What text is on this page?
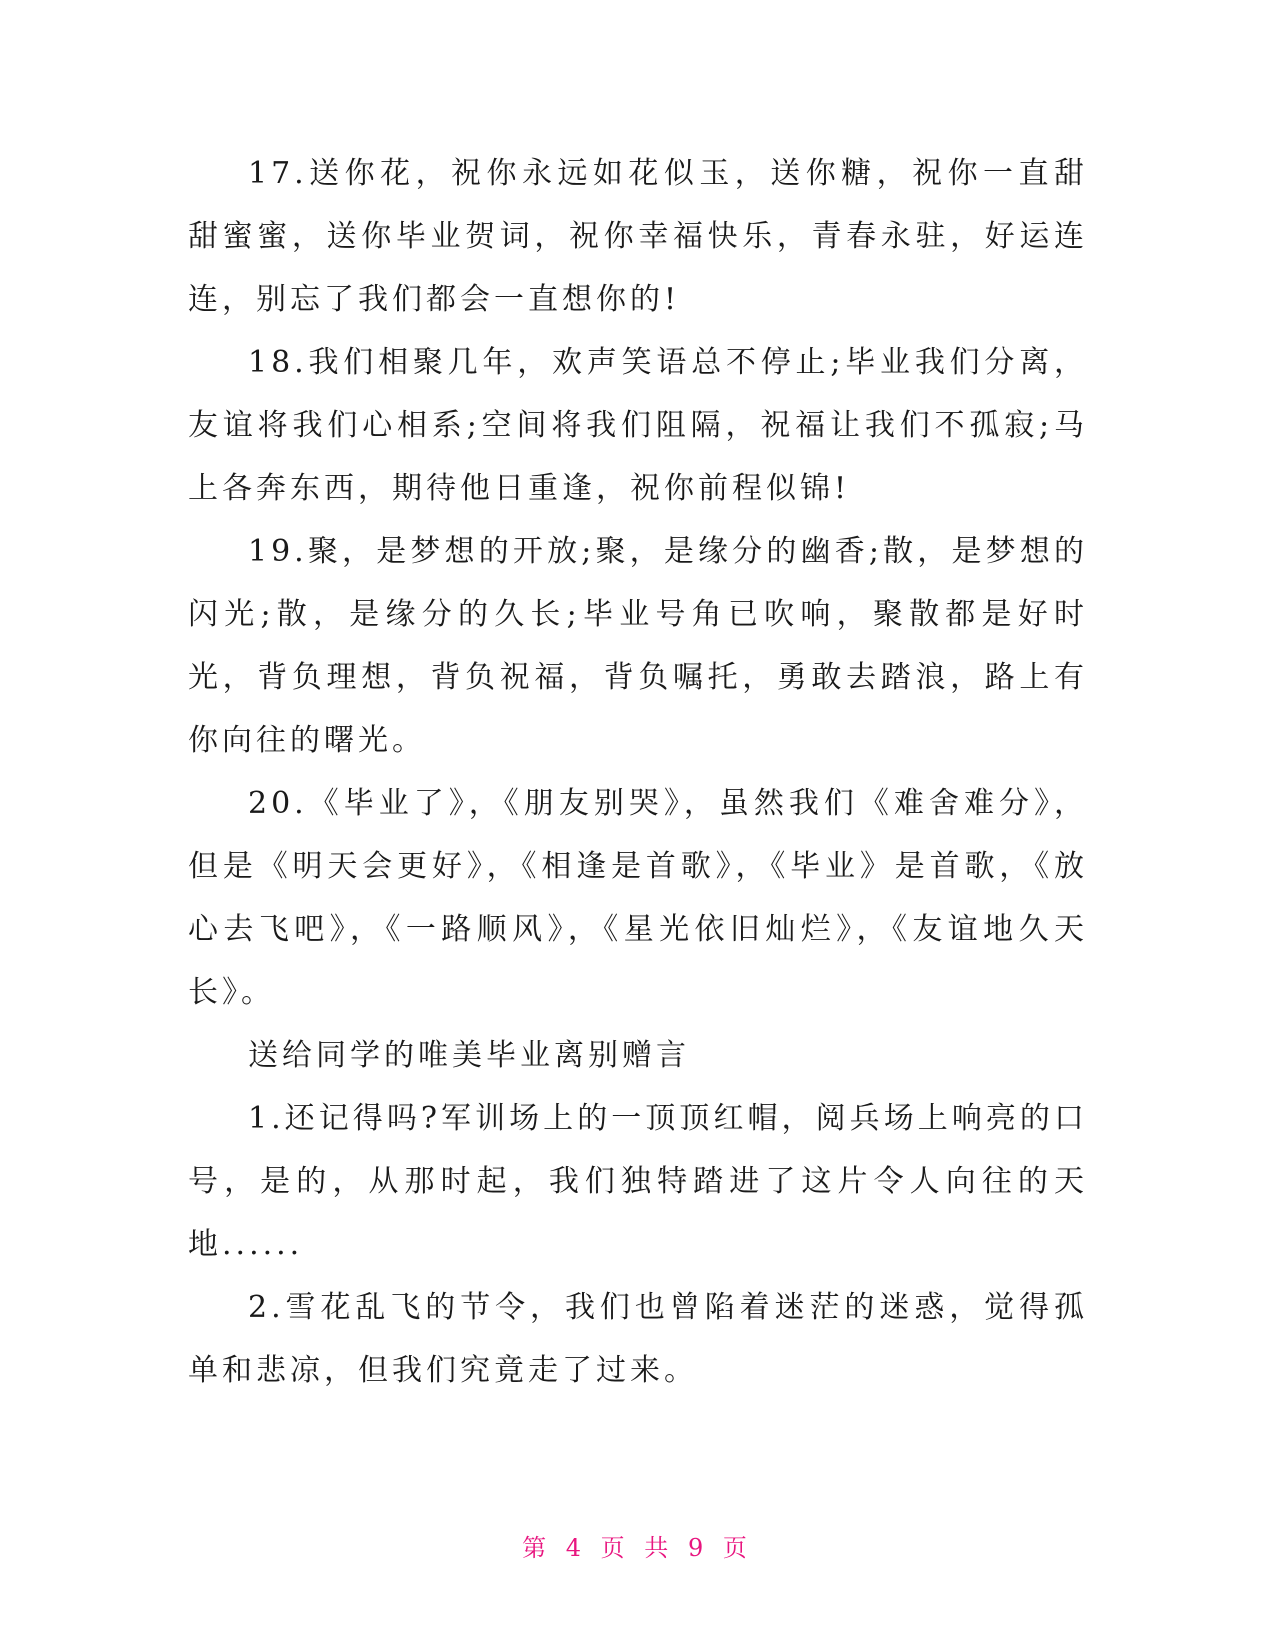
17.送你花，祝你永远如花似玉，送你糖，祝你一直甜甜蜜蜜，送你毕业贺词，祝你幸福快乐，青春永驻，好运连连，别忘了我们都会一直想你的!

18.我们相聚几年，欢声笑语总不停止;毕业我们分离，友谊将我们心相系;空间将我们阻隔，祝福让我们不孤寂;马上各奔东西，期待他日重逢，祝你前程似锦!

19.聚，是梦想的开放;聚，是缘分的幽香;散，是梦想的闪光;散，是缘分的久长;毕业号角已吹响，聚散都是好时光，背负理想，背负祝福，背负嘱托，勇敢去踏浪，路上有你向往的曙光。

20.《毕业了》，《朋友别哭》，虽然我们《难舍难分》，但是《明天会更好》，《相逢是首歌》，《毕业》是首歌，《放心去飞吧》，《一路顺风》，《星光依旧灿烂》，《友谊地久天长》。

送给同学的唯美毕业离别赠言

1.还记得吗?军训场上的一顶顶红帽，阅兵场上响亮的口号，是的，从那时起，我们独特踏进了这片令人向往的天地......

2.雪花乱飞的节令，我们也曾陷着迷茫的迷惑，觉得孤单和悲凉，但我们究竟走了过来。

第 4 页 共 9 页
